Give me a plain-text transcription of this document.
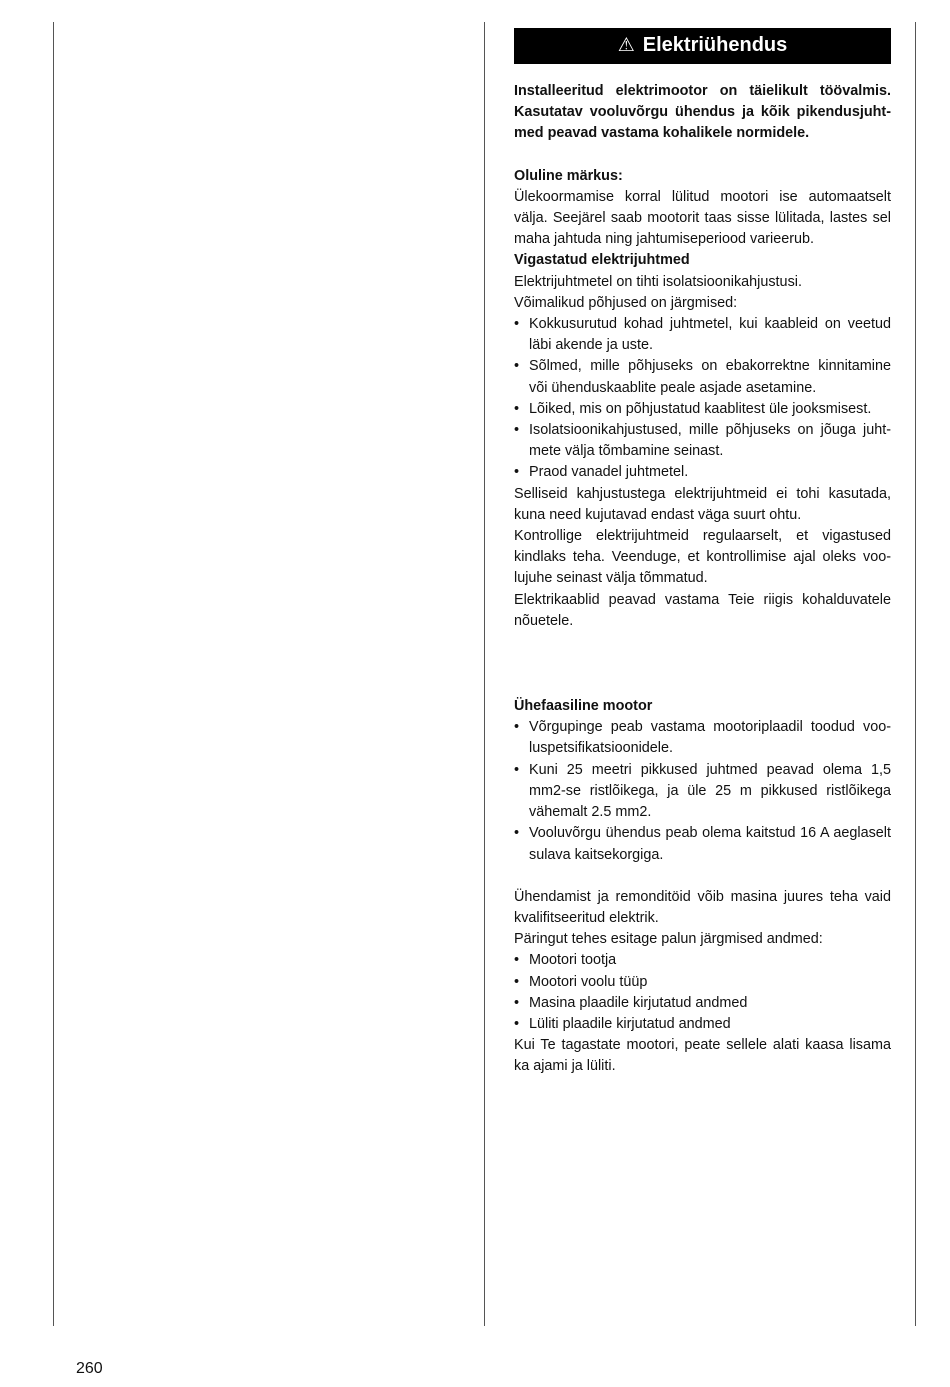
⚠ Elektriühendus

Installeeritud elektrimootor on täielikult töövalmis. Kasutatav vooluvõrgu ühendus ja kõik pikendusjuhtmed peavad vastama kohalikele normidele.

Oluline märkus:

Ülekoormamise korral lülitud mootori ise automaatselt välja. Seejärel saab mootorit taas sisse lülitada, lastes sel maha jahtuda ning jahtumiseperiood varieerub.

Vigastatud elektrijuhtmed

Elektrijuhtmetel on tihti isolatsioonikahjustusi.

Võimalikud põhjused on järgmised:

• Kokkusurutud kohad juhtmetel, kui kaableid on veetud läbi akende ja uste.
• Sõlmed, mille põhjuseks on ebakorrektne kinnitamine või ühenduskaablite peale asjade asetamine.
• Lõiked, mis on põhjustatud kaablitest üle jooksmisest.
• Isolatsioonikahjustused, mille põhjuseks on jõuga juhtmete välja tõmbamine seinast.
• Praod vanadel juhtmetel.

Selliseid kahjustustega elektrijuhtmeid ei tohi kasutada, kuna need kujutavad endast väga suurt ohtu.

Kontrollige elektrijuhtmeid regulaarselt, et vigastused kindlaks teha. Veenduge, et kontrollimise ajal oleks voolujuhe seinast välja tõmmatud.

Elektrikaablid peavad vastama Teie riigis kohalduvatele nõuetele.

Ühefaasiline mootor

• Võrgupinge peab vastama mootoriplaadil toodud vooluspetsifikatsioonidele.
• Kuni 25 meetri pikkused juhtmed peavad olema 1,5 mm2-se ristlõikega, ja üle 25 m pikkused ristlõikega vähemalt 2.5 mm2.
• Vooluvõrgu ühendus peab olema kaitstud 16 A aeglaselt sulava kaitsekorgiga.

Ühendamist ja remonditöid võib masina juures teha vaid kvalifitseeritud elektrik.

Päringut tehes esitage palun järgmised andmed:

• Mootori tootja
• Mootori voolu tüüp
• Masina plaadile kirjutatud andmed
• Lüliti plaadile kirjutatud andmed

Kui Te tagastate mootori, peate sellele alati kaasa lisama ka ajami ja lüliti.

260
